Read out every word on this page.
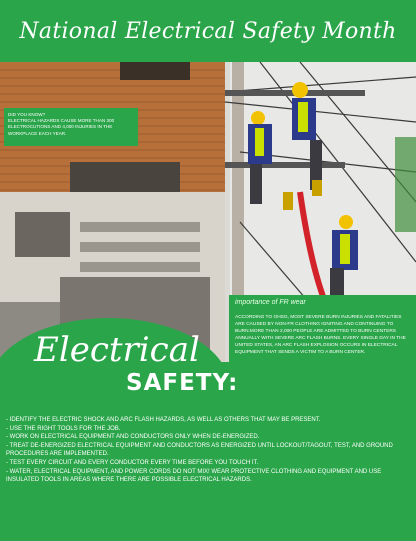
National Electrical Safety Month
DID YOU KNOW?
ELECTRICAL HAZARDS CAUSE MORE THAN 300 ELECTROCUTIONS AND 4,000 INJURIES IN THE WORKPLACE EACH YEAR.
importance of FR wear
ACCORDING TO OHSG, MOST SEVERE BURN INJURIES AND FATALITIES ARE CAUSED BY NON-FR CLOTHING IGNITING AND CONTINUING TO BURN.MORE THAN 2,000 PEOPLE ARE ADMITTED TO BURN CENTERS ANNUALLY WITH SEVERE ARC FLASH BURNS. EVERY SINGLE DAY IN THE UNITED STATES, AN ARC FLASH EXPLOSION OCCURS IN ELECTRICAL EQUIPMENT THAT SENDS A VICTIM TO A BURN CENTER.
Electrical
SAFETY:
- IDENTIFY THE ELECTRIC SHOCK AND ARC FLASH HAZARDS, AS WELL AS OTHERS THAT MAY BE PRESENT.
- USE THE RIGHT TOOLS FOR THE JOB.
- WORK ON ELECTRICAL EQUIPMENT AND CONDUCTORS ONLY WHEN DE-ENERGIZED.
- TREAT DE-ENERGIZED ELECTRICAL EQUIPMENT AND CONDUCTORS AS ENERGIZED UNTIL LOCKOUT/TAGOUT, TEST, AND GROUND PROCEDURES ARE IMPLEMENTED.
- TEST EVERY CIRCUIT AND EVERY CONDUCTOR EVERY TIME BEFORE YOU TOUCH IT.
- WATER, ELECTRICAL EQUIPMENT, AND POWER CORDS DO NOT MIX! WEAR PROTECTIVE CLOTHING AND EQUIPMENT AND USE INSULATED TOOLS IN AREAS WHERE THERE ARE POSSIBLE ELECTRICAL HAZARDS.
